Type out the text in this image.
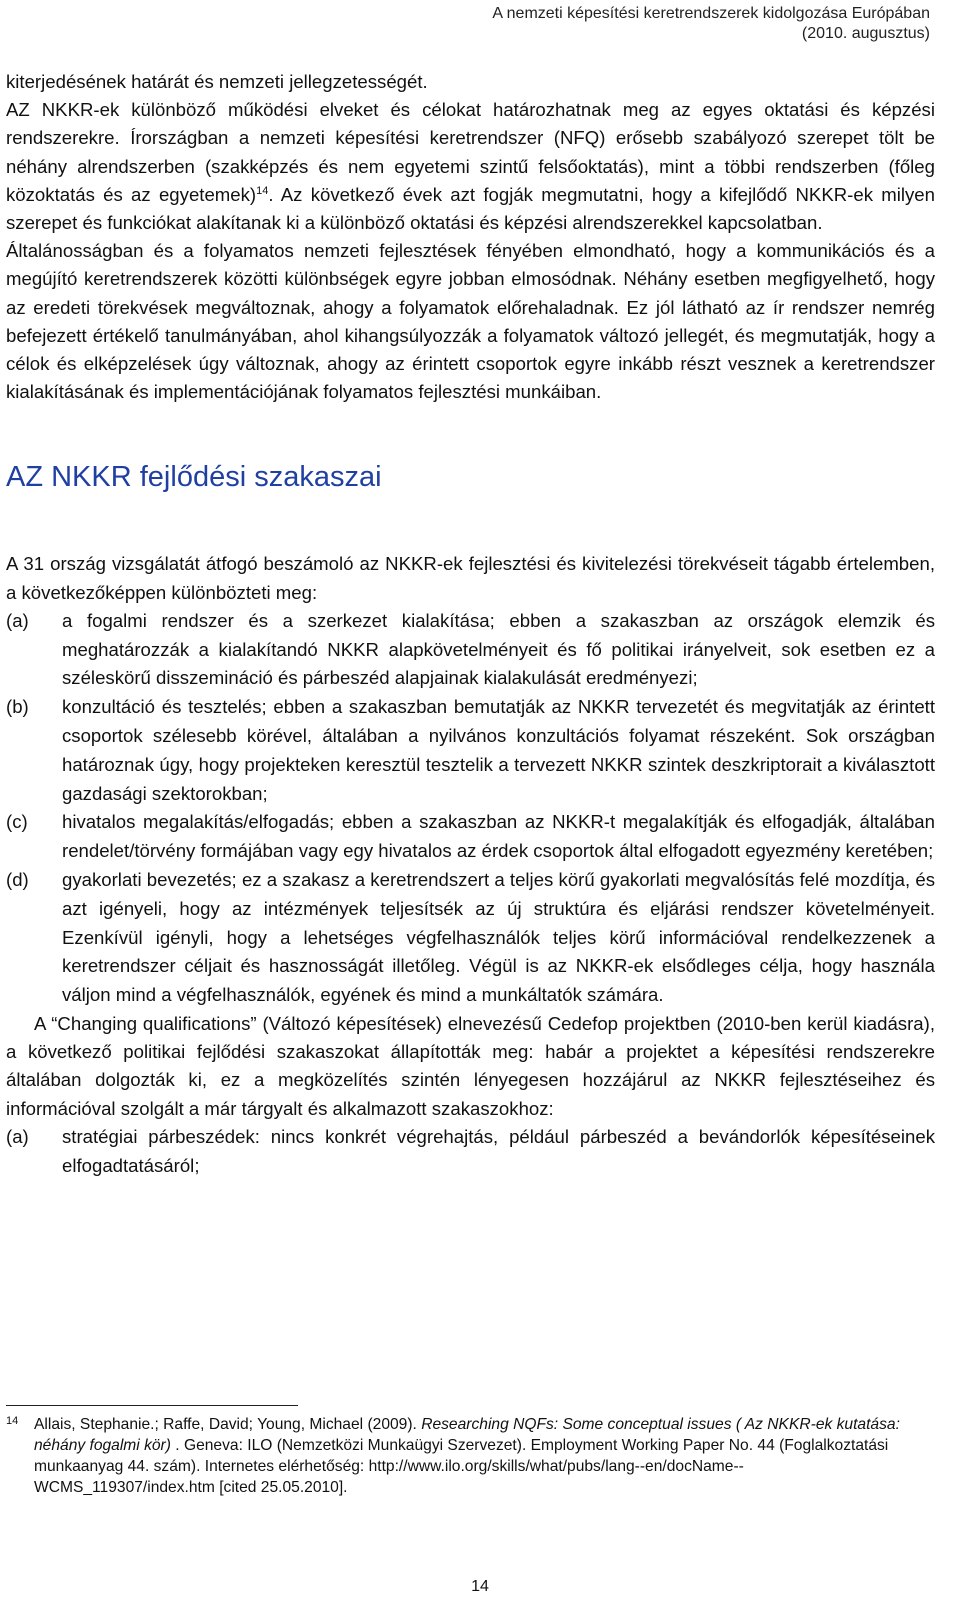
A nemzeti képesítési keretrendszerek kidolgozása Európában
(2010. augusztus)

kiterjedésének határát és nemzeti jellegzetességét.

AZ NKKR-ek különböző működési elveket és célokat határozhatnak meg az egyes oktatási és képzési rendszerekre. Írországban a nemzeti képesítési keretrendszer (NFQ) erősebb szabályozó szerepet tölt be néhány alrendszerben (szakképzés és nem egyetemi szintű felsőoktatás), mint a többi rendszerben (főleg közoktatás és az egyetemek)$^{14}$. Az következő évek azt fogják megmutatni, hogy a kifejlődő NKKR-ek milyen szerepet és funkciókat alakítanak ki a különböző oktatási és képzési alrendszerekkel kapcsolatban.

Általánosságban és a folyamatos nemzeti fejlesztések fényében elmondható, hogy a kommunikációs és a megújító keretrendszerek közötti különbségek egyre jobban elmosódnak. Néhány esetben megfigyelhető, hogy az eredeti törekvések megváltoznak, ahogy a folyamatok előrehaladnak. Ez jól látható az ír rendszer nemrég befejezett értékelő tanulmányában, ahol kihangsúlyozzák a folyamatok változó jellegét, és megmutatják, hogy a célok és elképzelések úgy változnak, ahogy az érintett csoportok egyre inkább részt vesznek a keretrendszer kialakításának és implementációjának folyamatos fejlesztési munkáiban.

AZ NKKR fejlődési szakaszai

A 31 ország vizsgálatát átfogó beszámoló az NKKR-ek fejlesztési és kivitelezési törekvéseit tágabb értelemben, a következőképpen különbözteti meg:

(a)	a fogalmi rendszer és a szerkezet kialakítása; ebben a szakaszban az országok elemzik és meghatározzák a kialakítandó NKKR alapkövetelményeit és fő politikai irányelveit, sok esetben ez a széleskörű disszemináció és párbeszéd alapjainak kialakulását eredményezi;
(b)	konzultáció és tesztelés; ebben a szakaszban bemutatják az NKKR tervezetét és megvitatják az érintett csoportok szélesebb körével, általában a nyilvános konzultációs folyamat részeként. Sok országban határoznak úgy, hogy projekteken keresztül tesztelik a tervezett NKKR szintek deszkriptorait a kiválasztott gazdasági szektorokban;
(c)	hivatalos megalakítás/elfogadás; ebben a szakaszban az NKKR-t megalakítják és elfogadják, általában rendelet/törvény formájában vagy egy hivatalos az érdek csoportok által elfogadott egyezmény keretében;
(d)	gyakorlati bevezetés; ez a szakasz a keretrendszert a teljes körű gyakorlati megvalósítás felé mozdítja, és azt igényeli, hogy az intézmények teljesítsék az új struktúra és eljárási rendszer követelményeit. Ezenkívül igényli, hogy a lehetséges végfelhasználók teljes körű információval rendelkezzenek a keretrendszer céljait és hasznosságát illetőleg. Végül is az NKKR-ek elsődleges célja, hogy használa váljon mind a végfelhasználók, egyének és mind a munkáltatók számára.

A “Changing qualifications” (Változó képesítések) elnevezésű Cedefop projektben (2010-ben kerül kiadásra), a következő politikai fejlődési szakaszokat állapították meg: habár a projektet a képesítési rendszerekre általában dolgozták ki, ez a megközelítés szintén lényegesen hozzájárul az NKKR fejlesztéseihez és információval szolgált a már tárgyalt és alkalmazott szakaszokhoz:

(a)	stratégiai párbeszédek: nincs konkrét végrehajtás, például párbeszéd a bevándorlók képesítéseinek elfogadtatásáról;
14	Allais, Stephanie.; Raffe, David; Young, Michael (2009). Researching NQFs: Some conceptual issues ( Az NKKR-ek kutatása: néhány fogalmi kör) . Geneva: ILO (Nemzetközi Munkaügyi Szervezet). Employment Working Paper No. 44 (Foglalkoztatási munkaanyag 44. szám). Internetes elérhetőség: http://www.ilo.org/skills/what/pubs/lang--en/docName--WCMS_119307/index.htm [cited 25.05.2010].
14
